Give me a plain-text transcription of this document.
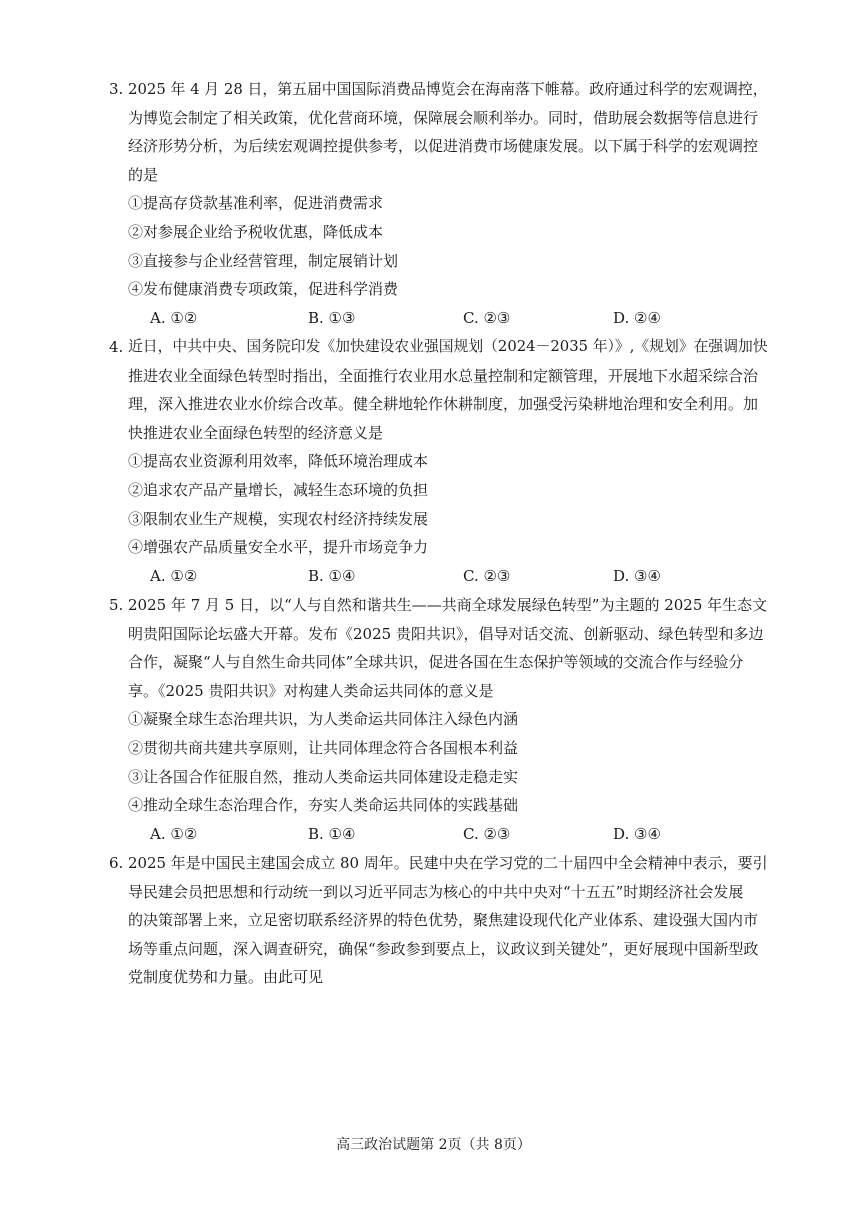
3. 2025 年 4 月 28 日，第五届中国国际消费品博览会在海南落下帷幕。政府通过科学的宏观调控，
为博览会制定了相关政策，优化营商环境，保障展会顺利举办。同时，借助展会数据等信息进行
经济形势分析，为后续宏观调控提供参考，以促进消费市场健康发展。以下属于科学的宏观调控
的是
①提高存贷款基准利率，促进消费需求
②对参展企业给予税收优惠，降低成本
③直接参与企业经营管理，制定展销计划
④发布健康消费专项政策，促进科学消费
A. ①②	B. ①③	C. ②③	D. ②④
4. 近日，中共中央、国务院印发《加快建设农业强国规划（2024－2035 年）》,《规划》在强调加快
推进农业全面绿色转型时指出，全面推行农业用水总量控制和定额管理，开展地下水超采综合治
理，深入推进农业水价综合改革。健全耕地轮作休耕制度，加强受污染耕地治理和安全利用。加
快推进农业全面绿色转型的经济意义是
①提高农业资源利用效率，降低环境治理成本
②追求农产品产量增长，减轻生态环境的负担
③限制农业生产规模，实现农村经济持续发展
④增强农产品质量安全水平，提升市场竞争力
A. ①②	B. ①④	C. ②③	D. ③④
5. 2025 年 7 月 5 日，以“人与自然和谐共生——共商全球发展绿色转型”为主题的 2025 年生态文
明贵阳国际论坛盛大开幕。发布《2025 贵阳共识》，倡导对话交流、创新驱动、绿色转型和多边
合作，凝聚“人与自然生命共同体”全球共识，促进各国在生态保护等领域的交流合作与经验分
享。《2025 贵阳共识》对构建人类命运共同体的意义是
①凝聚全球生态治理共识，为人类命运共同体注入绿色内涵
②贯彻共商共建共享原则，让共同体理念符合各国根本利益
③让各国合作征服自然，推动人类命运共同体建设走稳走实
④推动全球生态治理合作，夯实人类命运共同体的实践基础
A. ①②	B. ①④	C. ②③	D. ③④
6. 2025 年是中国民主建国会成立 80 周年。民建中央在学习党的二十届四中全会精神中表示，要引
导民建会员把思想和行动统一到以习近平同志为核心的中共中央对“十五五”时期经济社会发展
的决策部署上来，立足密切联系经济界的特色优势，聚焦建设现代化产业体系、建设强大国内市
场等重点问题，深入调查研究，确保“参政参到要点上，议政议到关键处”，更好展现中国新型政
党制度优势和力量。由此可见
高三政治试题第 2页（共 8页）
